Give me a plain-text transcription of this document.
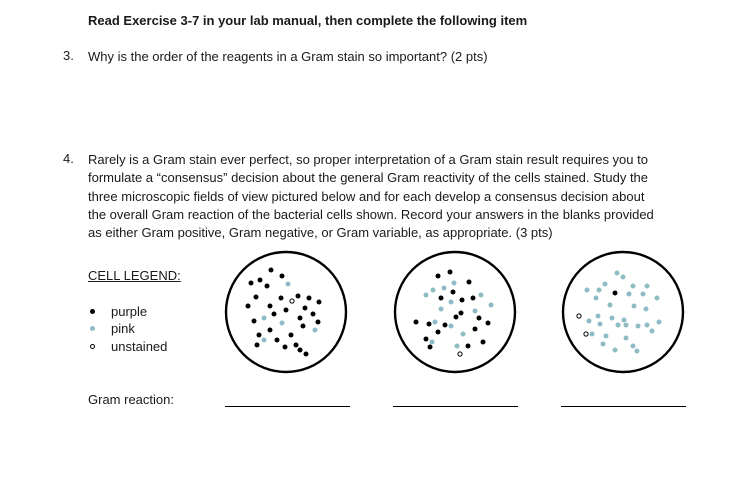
Read Exercise 3-7 in your lab manual, then complete the following item
3. Why is the order of the reagents in a Gram stain so important? (2 pts)
4. Rarely is a Gram stain ever perfect, so proper interpretation of a Gram stain result requires you to
formulate a “consensus” decision about the general Gram reactivity of the cells stained. Study the
three microscopic fields of view pictured below and for each develop a consensus decision about
the overall Gram reaction of the bacterial cells shown. Record your answers in the blanks provided
as either Gram positive, Gram negative, or Gram variable, as appropriate. (3 pts)
CELL LEGEND:
purple
pink
unstained
Gram reaction:
